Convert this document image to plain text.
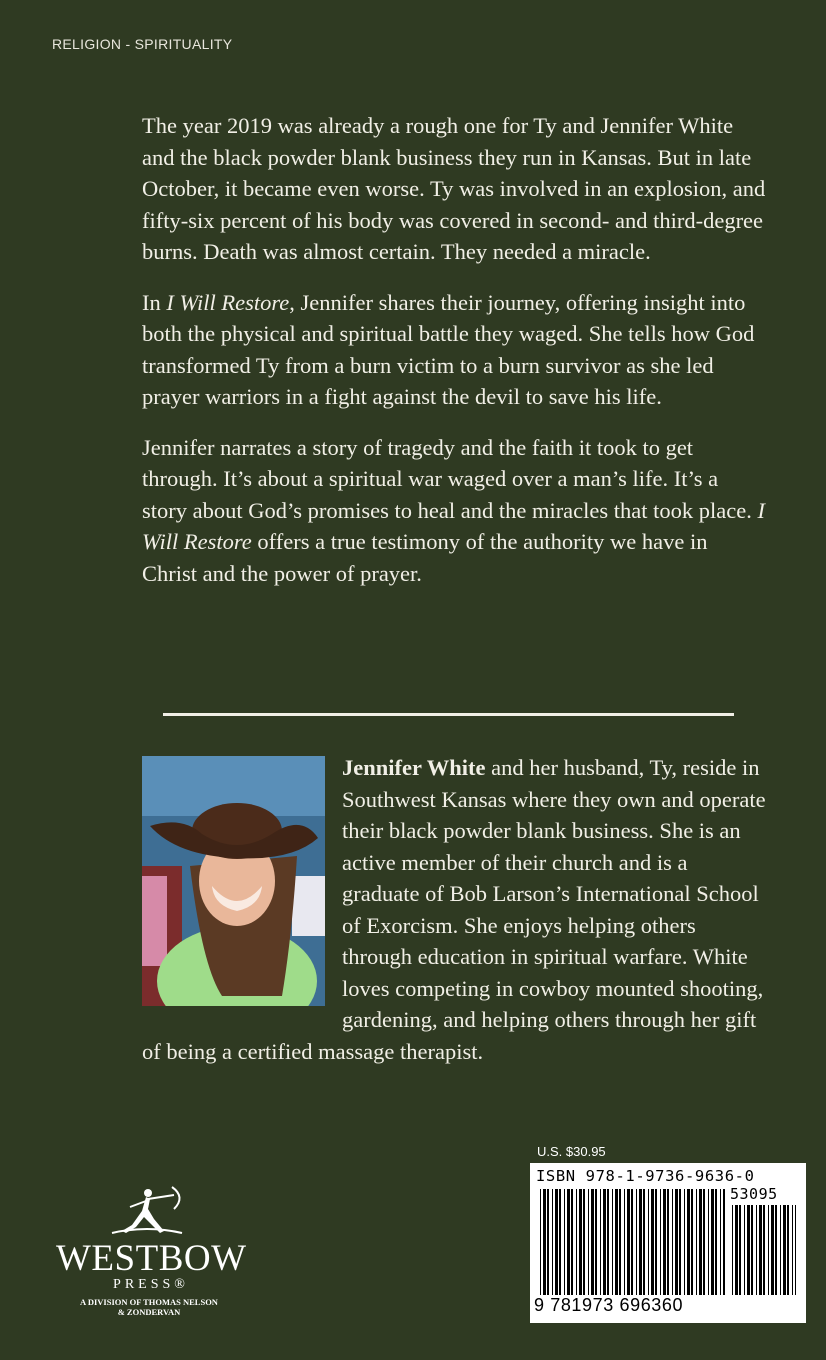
RELIGION - SPIRITUALITY

The year 2019 was already a rough one for Ty and Jennifer White and the black powder blank business they run in Kansas. But in late October, it became even worse. Ty was involved in an explosion, and fifty-six percent of his body was covered in second- and third-degree burns. Death was almost certain. They needed a miracle.

In I Will Restore, Jennifer shares their journey, offering insight into both the physical and spiritual battle they waged. She tells how God transformed Ty from a burn victim to a burn survivor as she led prayer warriors in a fight against the devil to save his life.

Jennifer narrates a story of tragedy and the faith it took to get through. It’s about a spiritual war waged over a man’s life. It’s a story about God’s promises to heal and the miracles that took place. I Will Restore offers a true testimony of the authority we have in Christ and the power of prayer.

Jennifer White and her husband, Ty, reside in Southwest Kansas where they own and operate their black powder blank business. She is an active member of their church and is a graduate of Bob Larson’s International School of Exorcism. She enjoys helping others through education in spiritual warfare. White loves competing in cowboy mounted shooting, gardening, and helping others through her gift of being a certified massage therapist.
WESTBOW
PRESS®
A DIVISION OF THOMAS NELSON
& ZONDERVAN
U.S. $30.95
ISBN 978-1-9736-9636-0
53095
9 781973 696360
